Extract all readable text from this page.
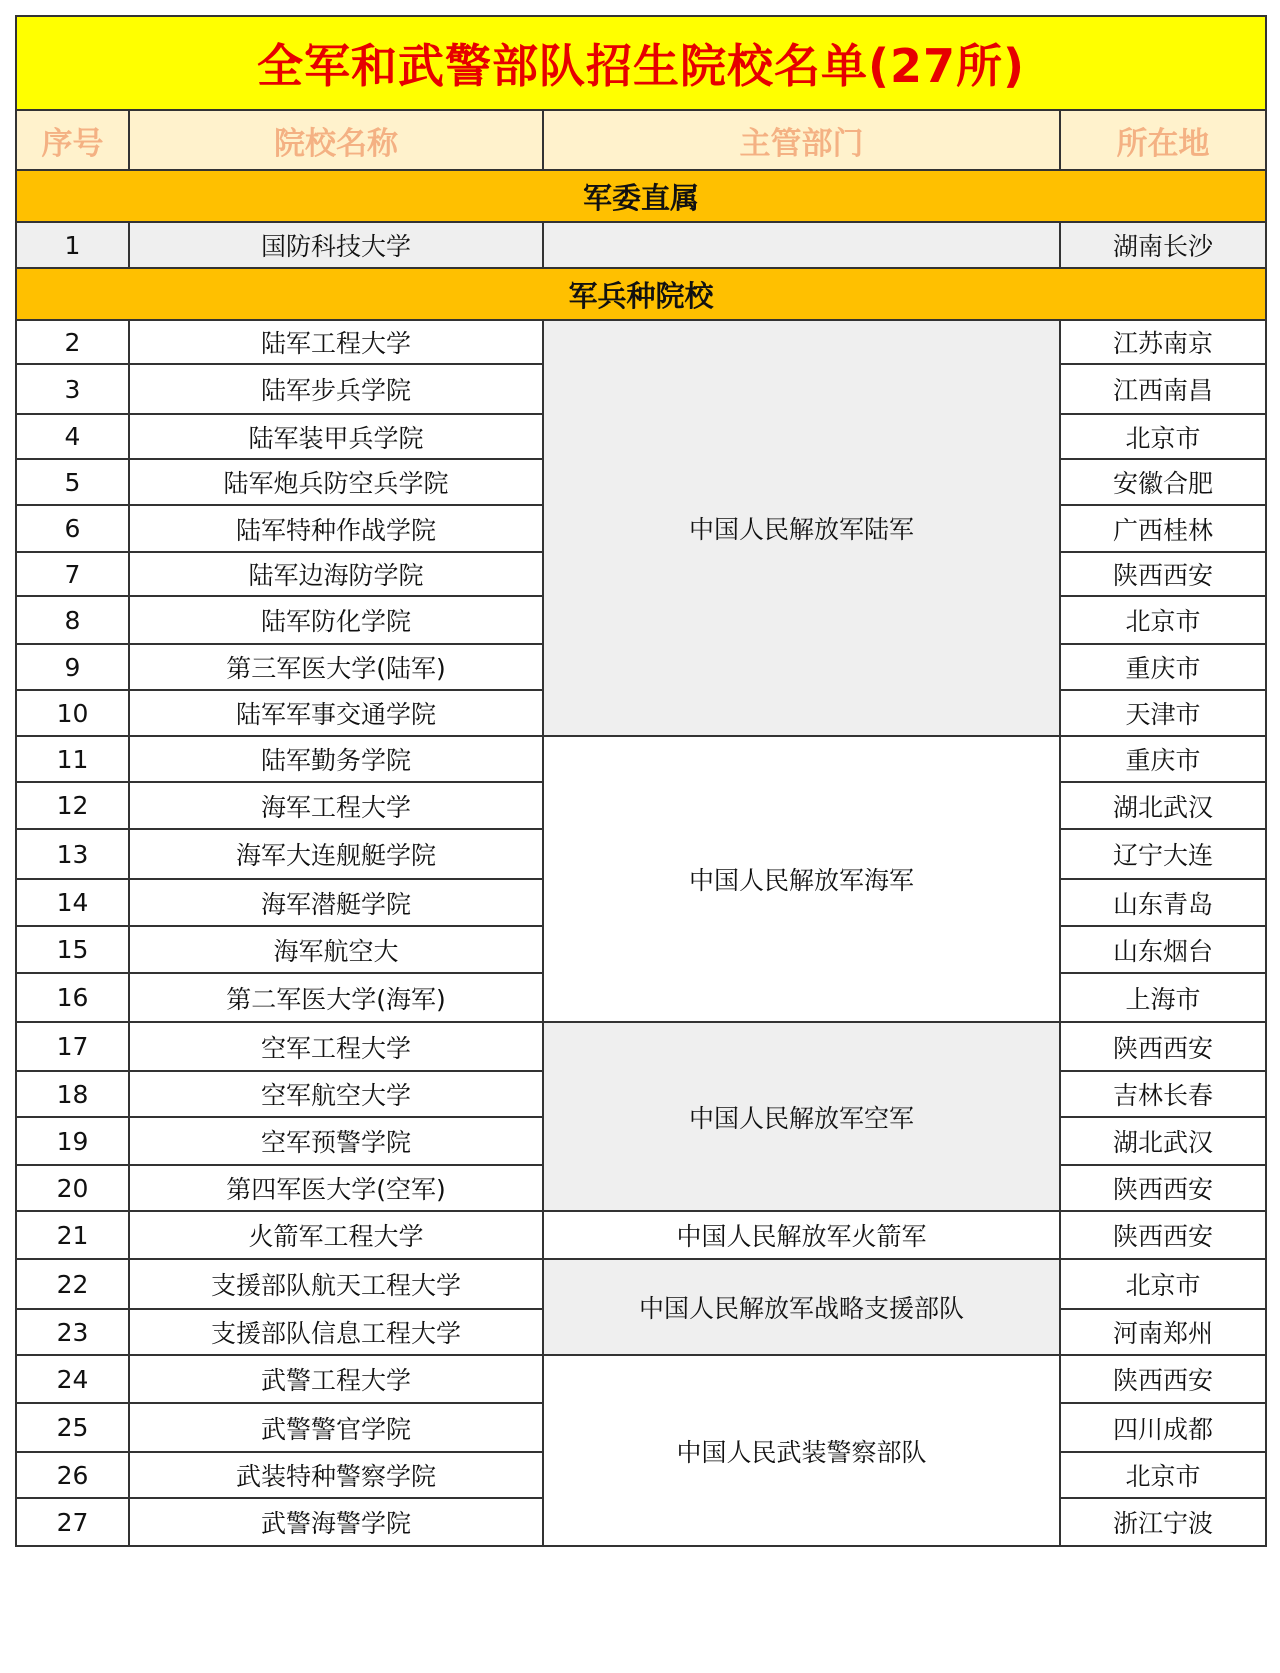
全军和武警部队招生院校名单(27所)			
序号	院校名称	主管部门	所在地
军委直属			
1	国防科技大学		湖南长沙
军兵种院校			
2	陆军工程大学	中国人民解放军陆军	江苏南京
3	陆军步兵学院		江西南昌
4	陆军装甲兵学院		北京市
5	陆军炮兵防空兵学院		安徽合肥
6	陆军特种作战学院		广西桂林
7	陆军边海防学院		陕西西安
8	陆军防化学院		北京市
9	第三军医大学(陆军)		重庆市
10	陆军军事交通学院		天津市
11	陆军勤务学院	中国人民解放军海军	重庆市
12	海军工程大学		湖北武汉
13	海军大连舰艇学院		辽宁大连
14	海军潜艇学院		山东青岛
15	海军航空大		山东烟台
16	第二军医大学(海军)		上海市
17	空军工程大学	中国人民解放军空军	陕西西安
18	空军航空大学		吉林长春
19	空军预警学院		湖北武汉
20	第四军医大学(空军)		陕西西安
21	火箭军工程大学	中国人民解放军火箭军	陕西西安
22	支援部队航天工程大学	中国人民解放军战略支援部队	北京市
23	支援部队信息工程大学		河南郑州
24	武警工程大学	中国人民武装警察部队	陕西西安
25	武警警官学院		四川成都
26	武装特种警察学院		北京市
27	武警海警学院		浙江宁波
